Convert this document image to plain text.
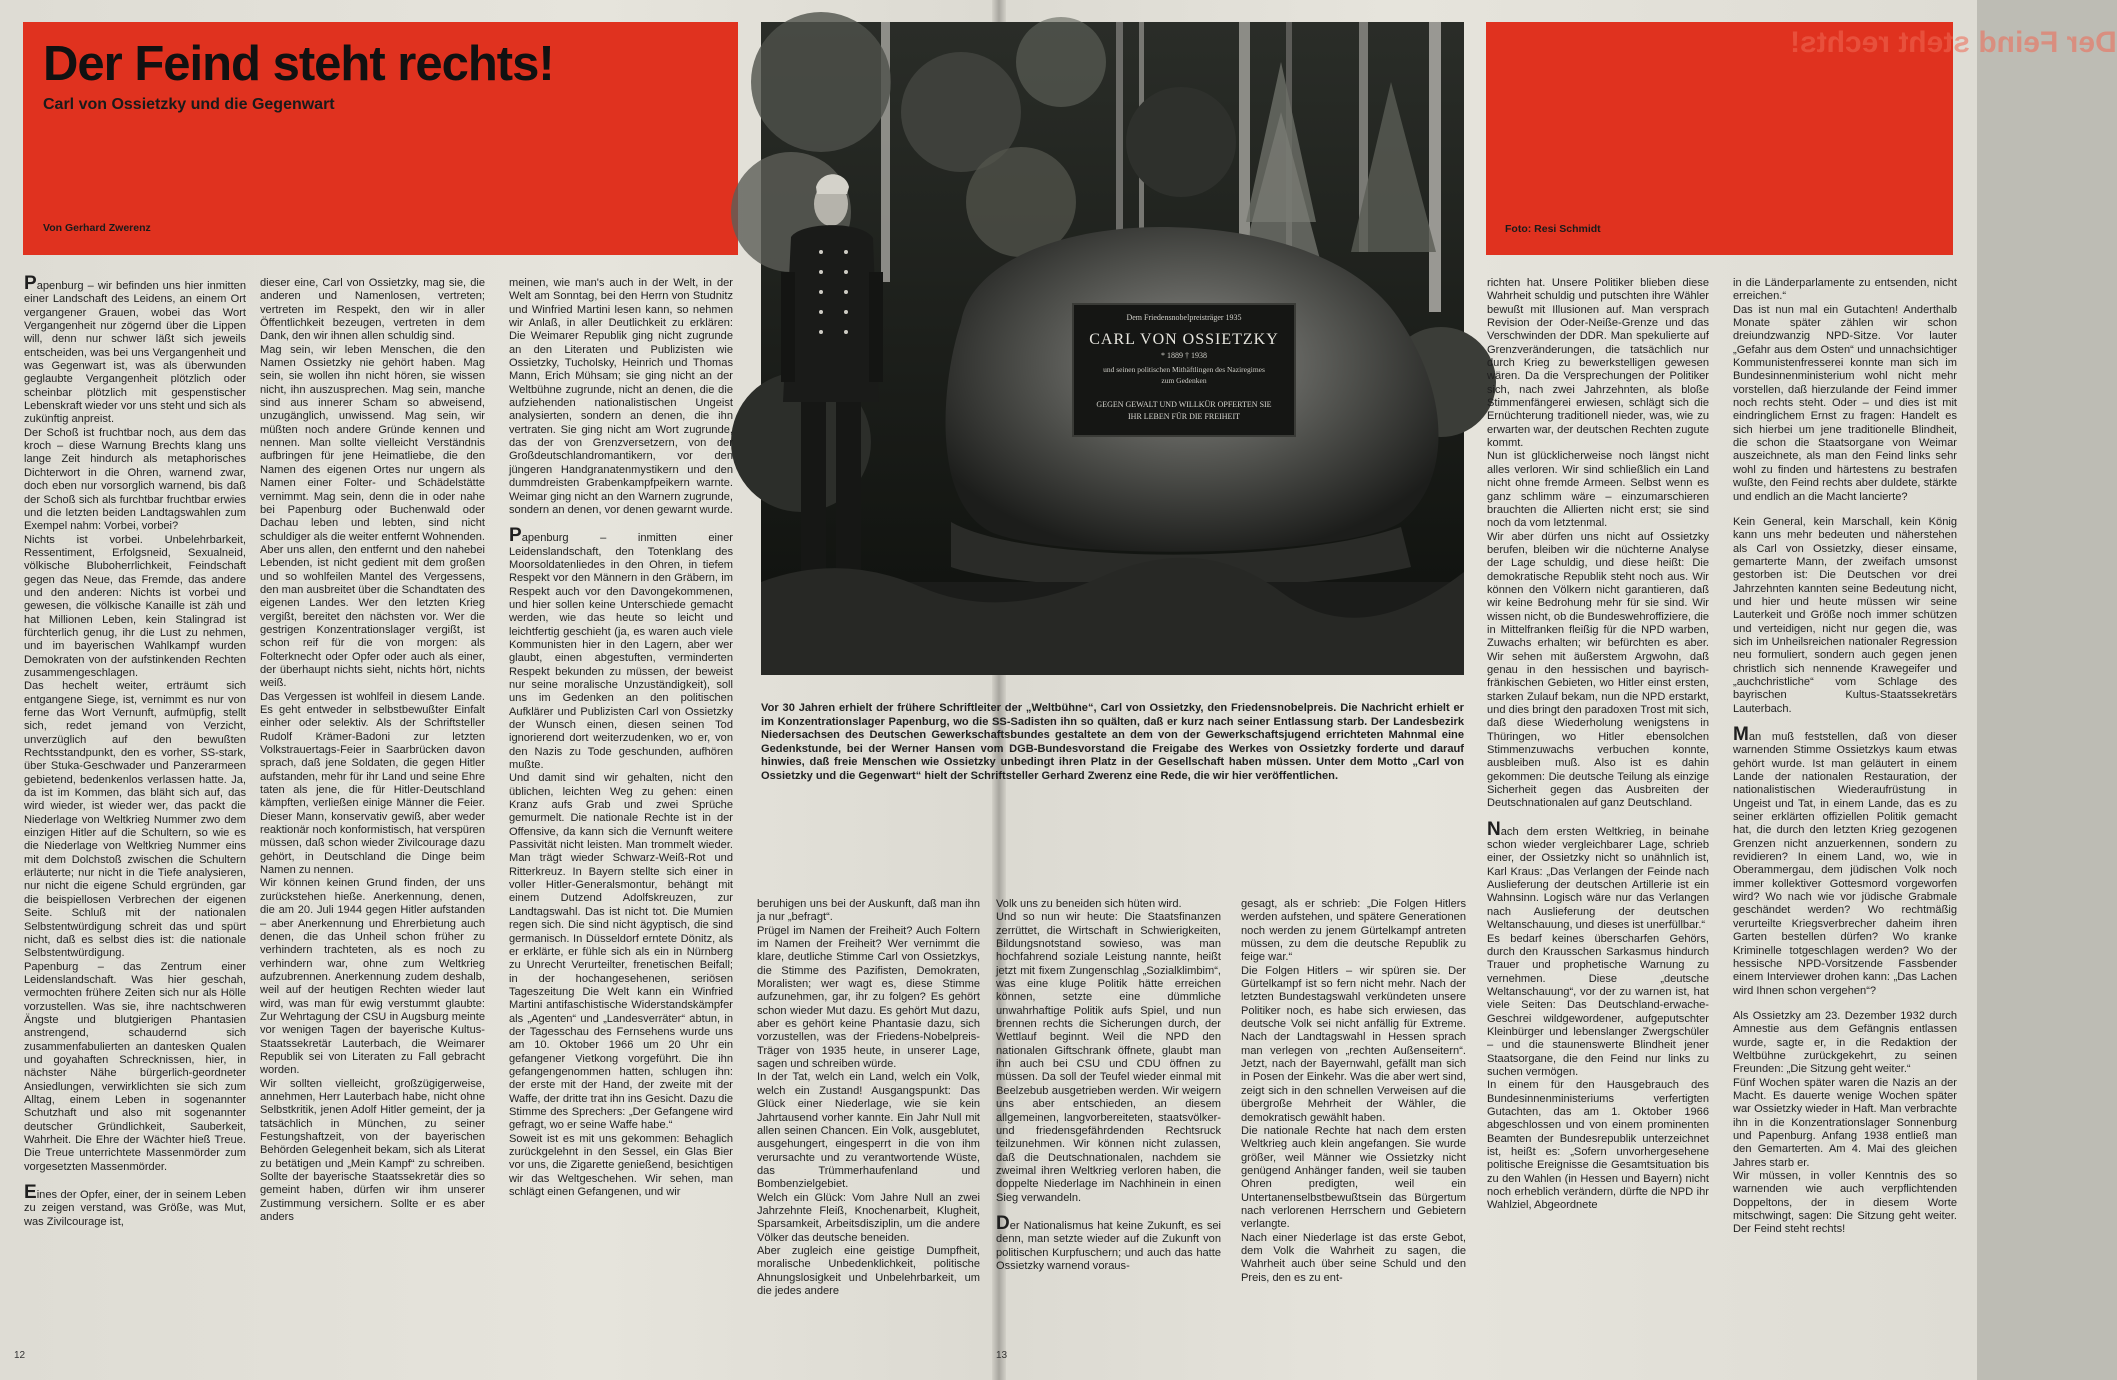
Der Feind steht rechts!
Carl von Ossietzky und die Gegenwart
Von Gerhard Zwerenz
Der Feind steht rechts!
Foto: Resi Schmidt
Dem Friedensnobelpreisträger 1935
CARL VON OSSIETZKY
* 1889 † 1938
und seinen politischen Mithäftlingen des Naziregimes
zum Gedenken
GEGEN GEWALT UND WILLKÜR OPFERTEN SIE
IHR LEBEN FÜR DIE FREIHEIT
Vor 30 Jahren erhielt der frühere Schriftleiter der „Weltbühne“, Carl von Ossietzky, den Friedensnobelpreis. Die Nachricht erhielt er im Konzentrationslager Papenburg, wo die SS-Sadisten ihn so quälten, daß er kurz nach seiner Entlassung starb. Der Landesbezirk Niedersachsen des Deutschen Gewerkschaftsbundes gestaltete an dem von der Gewerkschaftsjugend errichteten Mahnmal eine Gedenkstunde, bei der Werner Hansen vom DGB-Bundesvorstand die Freigabe des Werkes von Ossietzky forderte und darauf hinwies, daß freie Menschen wie Ossietzky unbedingt ihren Platz in der Gesellschaft haben müssen. Unter dem Motto „Carl von Ossietzky und die Gegenwart“ hielt der Schriftsteller Gerhard Zwerenz eine Rede, die wir hier veröffentlichen.

Papenburg – wir befinden uns hier inmitten einer Landschaft des Leidens, an einem Ort vergangener Grauen, wobei das Wort Vergangenheit nur zögernd über die Lippen will, denn nur schwer läßt sich jeweils entscheiden, was bei uns Vergangenheit und was Gegenwart ist, was als überwunden geglaubte Vergangenheit plötzlich oder scheinbar plötzlich mit gespenstischer Lebenskraft wieder vor uns steht und sich als zukünftig anpreist.

Der Schoß ist fruchtbar noch, aus dem das kroch – diese Warnung Brechts klang uns lange Zeit hindurch als metaphorisches Dichterwort in die Ohren, warnend zwar, doch eben nur vorsorglich warnend, bis daß der Schoß sich als furchtbar fruchtbar erwies und die letzten beiden Landtagswahlen zum Exempel nahm: Vorbei, vorbei?

Nichts ist vorbei. Unbelehrbarkeit, Ressentiment, Erfolgsneid, Sexualneid, völkische Bluboherrlichkeit, Feindschaft gegen das Neue, das Fremde, das andere und den anderen: Nichts ist vorbei und gewesen, die völkische Kanaille ist zäh und hat Millionen Leben, kein Stalingrad ist fürchterlich genug, ihr die Lust zu nehmen, und im bayerischen Wahlkampf wurden Demokraten von der aufstinkenden Rechten zusammengeschlagen.

Das hechelt weiter, erträumt sich entgangene Siege, ist, vernimmt es nur von ferne das Wort Vernunft, aufmüpfig, stellt sich, redet jemand von Verzicht, unverzüglich auf den bewußten Rechtsstandpunkt, den es vorher, SS-stark, über Stuka-Geschwader und Panzerarmeen gebietend, bedenkenlos verlassen hatte. Ja, da ist im Kommen, das bläht sich auf, das wird wieder, ist wieder wer, das packt die Niederlage von Weltkrieg Nummer zwo dem einzigen Hitler auf die Schultern, so wie es die Niederlage von Weltkrieg Nummer eins mit dem Dolchstoß zwischen die Schultern erläuterte; nur nicht in die Tiefe analysieren, nur nicht die eigene Schuld ergründen, gar die beispiellosen Verbrechen der eigenen Seite. Schluß mit der nationalen Selbstentwürdigung schreit das und spürt nicht, daß es selbst dies ist: die nationale Selbstentwürdigung.

Papenburg – das Zentrum einer Leidenslandschaft. Was hier geschah, vermochten frühere Zeiten sich nur als Hölle vorzustellen. Was sie, ihre nachtschweren Ängste und blutgierigen Phantasien anstrengend, schaudernd sich zusammenfabulierten an dantesken Qualen und goyahaften Schrecknissen, hier, in nächster Nähe bürgerlich-geordneter Ansiedlungen, verwirklichten sie sich zum Alltag, einem Leben in sogenannter Schutzhaft und also mit sogenannter deutscher Gründlichkeit, Sauberkeit, Wahrheit. Die Ehre der Wächter hieß Treue. Die Treue unterrichtete Massenmörder zum vorgesetzten Massenmörder.

Eines der Opfer, einer, der in seinem Leben zu zeigen verstand, was Größe, was Mut, was Zivilcourage ist,

dieser eine, Carl von Ossietzky, mag sie, die anderen und Namenlosen, vertreten; vertreten im Respekt, den wir in aller Öffentlichkeit bezeugen, vertreten in dem Dank, den wir ihnen allen schuldig sind.

Mag sein, wir leben Menschen, die den Namen Ossietzky nie gehört haben. Mag sein, sie wollen ihn nicht hören, sie wissen nicht, ihn auszusprechen. Mag sein, manche sind aus innerer Scham so abweisend, unzugänglich, unwissend. Mag sein, wir müßten noch andere Gründe kennen und nennen. Man sollte vielleicht Verständnis aufbringen für jene Heimatliebe, die den Namen des eigenen Ortes nur ungern als Namen einer Folter- und Schädelstätte vernimmt. Mag sein, denn die in oder nahe bei Papenburg oder Buchenwald oder Dachau leben und lebten, sind nicht schuldiger als die weiter entfernt Wohnenden. Aber uns allen, den entfernt und den nahebei Lebenden, ist nicht gedient mit dem großen und so wohlfeilen Mantel des Vergessens, den man ausbreitet über die Schandtaten des eigenen Landes. Wer den letzten Krieg vergißt, bereitet den nächsten vor. Wer die gestrigen Konzentrationslager vergißt, ist schon reif für die von morgen: als Folterknecht oder Opfer oder auch als einer, der überhaupt nichts sieht, nichts hört, nichts weiß.

Das Vergessen ist wohlfeil in diesem Lande. Es geht entweder in selbstbewußter Einfalt einher oder selektiv. Als der Schriftsteller Rudolf Krämer-Badoni zur letzten Volkstrauertags-Feier in Saarbrücken davon sprach, daß jene Soldaten, die gegen Hitler aufstanden, mehr für ihr Land und seine Ehre taten als jene, die für Hitler-Deutschland kämpften, verließen einige Männer die Feier. Dieser Mann, konservativ gewiß, aber weder reaktionär noch konformistisch, hat verspüren müssen, daß schon wieder Zivilcourage dazu gehört, in Deutschland die Dinge beim Namen zu nennen.

Wir können keinen Grund finden, der uns zurückstehen hieße. Anerkennung, denen, die am 20. Juli 1944 gegen Hitler aufstanden – aber Anerkennung und Ehrerbietung auch denen, die das Unheil schon früher zu verhindern trachteten, als es noch zu verhindern war, ohne zum Weltkrieg aufzubrennen. Anerkennung zudem deshalb, weil auf der heutigen Rechten wieder laut wird, was man für ewig verstummt glaubte: Zur Wehrtagung der CSU in Augsburg meinte vor wenigen Tagen der bayerische Kultus-Staatssekretär Lauterbach, die Weimarer Republik sei von Literaten zu Fall gebracht worden.

Wir sollten vielleicht, großzügigerweise, annehmen, Herr Lauterbach habe, nicht ohne Selbstkritik, jenen Adolf Hitler gemeint, der ja tatsächlich in München, zu seiner Festungshaftzeit, von der bayerischen Behörden Gelegenheit bekam, sich als Literat zu betätigen und „Mein Kampf“ zu schreiben. Sollte der bayerische Staatssekretär dies so gemeint haben, dürfen wir ihm unserer Zustimmung versichern. Sollte er es aber anders

meinen, wie man's auch in der Welt, in der Welt am Sonntag, bei den Herrn von Studnitz und Winfried Martini lesen kann, so nehmen wir Anlaß, in aller Deutlichkeit zu erklären: Die Weimarer Republik ging nicht zugrunde an den Literaten und Publizisten wie Ossietzky, Tucholsky, Heinrich und Thomas Mann, Erich Mühsam; sie ging nicht an der Weltbühne zugrunde, nicht an denen, die die aufziehenden nationalistischen Ungeist analysierten, sondern an denen, die ihn vertraten. Sie ging nicht am Wort zugrunde, das der von Grenzversetzern, von der Großdeutschlandromantikern, vor den jüngeren Handgranatenmystikern und den dummdreisten Grabenkampfpeikern warnte. Weimar ging nicht an den Warnern zugrunde, sondern an denen, vor denen gewarnt wurde.

Papenburg – inmitten einer Leidenslandschaft, den Totenklang des Moorsoldatenliedes in den Ohren, in tiefem Respekt vor den Männern in den Gräbern, im Respekt auch vor den Davongekommenen, und hier sollen keine Unterschiede gemacht werden, wie das heute so leicht und leichtfertig geschieht (ja, es waren auch viele Kommunisten hier in den Lagern, aber wer glaubt, einen abgestuften, verminderten Respekt bekunden zu müssen, der beweist nur seine moralische Unzuständigkeit), soll uns im Gedenken an den politischen Aufklärer und Publizisten Carl von Ossietzky der Wunsch einen, diesen seinen Tod ignorierend dort weiterzudenken, wo er, von den Nazis zu Tode geschunden, aufhören mußte.

Und damit sind wir gehalten, nicht den üblichen, leichten Weg zu gehen: einen Kranz aufs Grab und zwei Sprüche gemurmelt. Die nationale Rechte ist in der Offensive, da kann sich die Vernunft weitere Passivität nicht leisten. Man trommelt wieder. Man trägt wieder Schwarz-Weiß-Rot und Ritterkreuz. In Bayern stellte sich einer in voller Hitler-Generalsmontur, behängt mit einem Dutzend Adolfskreuzen, zur Landtagswahl. Das ist nicht tot. Die Mumien regen sich. Die sind nicht ägyptisch, die sind germanisch. In Düsseldorf erntete Dönitz, als er erklärte, er fühle sich als ein in Nürnberg zu Unrecht Verurteilter, frenetischen Beifall; in der hochangesehenen, seriösen Tageszeitung Die Welt kann ein Winfried Martini antifaschistische Widerstandskämpfer als „Agenten“ und „Landesverräter“ abtun, in der Tagesschau des Fernsehens wurde uns am 10. Oktober 1966 um 20 Uhr ein gefangener Vietkong vorgeführt. Die ihn gefangengenommen hatten, schlugen ihn: der erste mit der Hand, der zweite mit der Waffe, der dritte trat ihn ins Gesicht. Dazu die Stimme des Sprechers: „Der Gefangene wird gefragt, wo er seine Waffe habe.“

Soweit ist es mit uns gekommen: Behaglich zurückgelehnt in den Sessel, ein Glas Bier vor uns, die Zigarette genießend, besichtigen wir das Weltgeschehen. Wir sehen, man schlägt einen Gefangenen, und wir

beruhigen uns bei der Auskunft, daß man ihn ja nur „befragt“.

Prügel im Namen der Freiheit? Auch Foltern im Namen der Freiheit? Wer vernimmt die klare, deutliche Stimme Carl von Ossietzkys, die Stimme des Pazifisten, Demokraten, Moralisten; wer wagt es, diese Stimme aufzunehmen, gar, ihr zu folgen? Es gehört schon wieder Mut dazu. Es gehört Mut dazu, aber es gehört keine Phantasie dazu, sich vorzustellen, was der Friedens-Nobelpreis-Träger von 1935 heute, in unserer Lage, sagen und schreiben würde.

In der Tat, welch ein Land, welch ein Volk, welch ein Zustand! Ausgangspunkt: Das Glück einer Niederlage, wie sie kein Jahrtausend vorher kannte. Ein Jahr Null mit allen seinen Chancen. Ein Volk, ausgeblutet, ausgehungert, eingesperrt in die von ihm verursachte und zu verantwortende Wüste, das Trümmerhaufenland und Bombenzielgebiet.

Welch ein Glück: Vom Jahre Null an zwei Jahrzehnte Fleiß, Knochenarbeit, Klugheit, Sparsamkeit, Arbeitsdisziplin, um die andere Völker das deutsche beneiden.

Aber zugleich eine geistige Dumpfheit, moralische Unbedenklichkeit, politische Ahnungslosigkeit und Unbelehrbarkeit, um die jedes andere

Volk uns zu beneiden sich hüten wird.

Und so nun wir heute: Die Staatsfinanzen zerrüttet, die Wirtschaft in Schwierigkeiten, Bildungsnotstand sowieso, was man hochfahrend soziale Leistung nannte, heißt jetzt mit fixem Zungenschlag „Sozialklimbim“, was eine kluge Politik hätte erreichen können, setzte eine dümmliche unwahrhaftige Politik aufs Spiel, und nun brennen rechts die Sicherungen durch, der Wettlauf beginnt. Weil die NPD den nationalen Giftschrank öffnete, glaubt man ihn auch bei CSU und CDU öffnen zu müssen. Da soll der Teufel wieder einmal mit Beelzebub ausgetrieben werden. Wir weigern uns aber entschieden, an diesem allgemeinen, langvorbereiteten, staatsvölker- und friedensgefährdenden Rechtsruck teilzunehmen. Wir können nicht zulassen, daß die Deutschnationalen, nachdem sie zweimal ihren Weltkrieg verloren haben, die doppelte Niederlage im Nachhinein in einen Sieg verwandeln.

Der Nationalismus hat keine Zukunft, es sei denn, man setzte wieder auf die Zukunft von politischen Kurpfuschern; und auch das hatte Ossietzky warnend voraus-

gesagt, als er schrieb: „Die Folgen Hitlers werden aufstehen, und spätere Generationen noch werden zu jenem Gürtelkampf antreten müssen, zu dem die deutsche Republik zu feige war.“

Die Folgen Hitlers – wir spüren sie. Der Gürtelkampf ist so fern nicht mehr. Nach der letzten Bundestagswahl verkündeten unsere Politiker noch, es habe sich erwiesen, das deutsche Volk sei nicht anfällig für Extreme. Nach der Landtagswahl in Hessen sprach man verlegen von „rechten Außenseitern“. Jetzt, nach der Bayernwahl, gefällt man sich in Posen der Einkehr. Was die aber wert sind, zeigt sich in den schnellen Verweisen auf die übergroße Mehrheit der Wähler, die demokratisch gewählt haben.

Die nationale Rechte hat nach dem ersten Weltkrieg auch klein angefangen. Sie wurde größer, weil Männer wie Ossietzky nicht genügend Anhänger fanden, weil sie tauben Ohren predigten, weil ein Untertanenselbstbewußtsein das Bürgertum nach verlorenen Herrschern und Gebietern verlangte.

Nach einer Niederlage ist das erste Gebot, dem Volk die Wahrheit zu sagen, die Wahrheit auch über seine Schuld und den Preis, den es zu ent-

richten hat. Unsere Politiker blieben diese Wahrheit schuldig und putschten ihre Wähler bewußt mit Illusionen auf. Man versprach Revision der Oder-Neiße-Grenze und das Verschwinden der DDR. Man spekulierte auf Grenzveränderungen, die tatsächlich nur durch Krieg zu bewerkstelligen gewesen wären. Da die Versprechungen der Politiker sich, nach zwei Jahrzehnten, als bloße Stimmenfängerei erwiesen, schlägt sich die Ernüchterung traditionell nieder, was, wie zu erwarten war, der deutschen Rechten zugute kommt.

Nun ist glücklicherweise noch längst nicht alles verloren. Wir sind schließlich ein Land nicht ohne fremde Armeen. Selbst wenn es ganz schlimm wäre – einzumarschieren brauchten die Allierten nicht erst; sie sind noch da vom letztenmal.

Wir aber dürfen uns nicht auf Ossietzky berufen, bleiben wir die nüchterne Analyse der Lage schuldig, und diese heißt: Die demokratische Republik steht noch aus. Wir können den Völkern nicht garantieren, daß wir keine Bedrohung mehr für sie sind. Wir wissen nicht, ob die Bundeswehroffiziere, die in Mittelfranken fleißig für die NPD warben, Zuwachs erhalten; wir befürchten es aber. Wir sehen mit äußerstem Argwohn, daß genau in den hessischen und bayrisch-fränkischen Gebieten, wo Hitler einst ersten, starken Zulauf bekam, nun die NPD erstarkt, und dies bringt den paradoxen Trost mit sich, daß diese Wiederholung wenigstens in Thüringen, wo Hitler ebensolchen Stimmenzuwachs verbuchen konnte, ausbleiben muß. Also ist es dahin gekommen: Die deutsche Teilung als einzige Sicherheit gegen das Ausbreiten der Deutschnationalen auf ganz Deutschland.

Nach dem ersten Weltkrieg, in beinahe schon wieder vergleichbarer Lage, schrieb einer, der Ossietzky nicht so unähnlich ist, Karl Kraus: „Das Verlangen der Feinde nach Auslieferung der deutschen Artillerie ist ein Wahnsinn. Logisch wäre nur das Verlangen nach Auslieferung der deutschen Weltanschauung, und dieses ist unerfüllbar.“

Es bedarf keines überscharfen Gehörs, durch den Krausschen Sarkasmus hindurch Trauer und prophetische Warnung zu vernehmen. Diese „deutsche Weltanschauung“, vor der zu warnen ist, hat viele Seiten: Das Deutschland-erwache-Geschrei wildgewordener, aufgeputschter Kleinbürger und lebenslanger Zwergschüler – und die staunenswerte Blindheit jener Staatsorgane, die den Feind nur links zu suchen vermögen.

In einem für den Hausgebrauch des Bundesinnenministeriums verfertigten Gutachten, das am 1. Oktober 1966 abgeschlossen und von einem prominenten Beamten der Bundesrepublik unterzeichnet ist, heißt es: „Sofern unvorhergesehene politische Ereignisse die Gesamtsituation bis zu den Wahlen (in Hessen und Bayern) nicht noch erheblich verändern, dürfte die NPD ihr Wahlziel, Abgeordnete

in die Länderparlamente zu entsenden, nicht erreichen.“

Das ist nun mal ein Gutachten! Anderthalb Monate später zählen wir schon dreiundzwanzig NPD-Sitze. Vor lauter „Gefahr aus dem Osten“ und unnachsichtiger Kommunistenfresserei konnte man sich im Bundesinnenministerium wohl nicht mehr vorstellen, daß hierzulande der Feind immer noch rechts steht. Oder – und dies ist mit eindringlichem Ernst zu fragen: Handelt es sich hierbei um jene traditionelle Blindheit, die schon die Staatsorgane von Weimar auszeichnete, als man den Feind links sehr wohl zu finden und härtestens zu bestrafen wußte, den Feind rechts aber duldete, stärkte und endlich an die Macht lancierte?

Kein General, kein Marschall, kein König kann uns mehr bedeuten und näherstehen als Carl von Ossietzky, dieser einsame, gemarterte Mann, der zweifach umsonst gestorben ist: Die Deutschen vor drei Jahrzehnten kannten seine Bedeutung nicht, und hier und heute müssen wir seine Lauterkeit und Größe noch immer schützen und verteidigen, nicht nur gegen die, was sich im Unheilsreichen nationaler Regression neu formuliert, sondern auch gegen jenen christlich sich nennende Krawegeifer und „auchchristliche“ vom Schlage des bayrischen Kultus-Staatssekretärs Lauterbach.

Man muß feststellen, daß von dieser warnenden Stimme Ossietzkys kaum etwas gehört wurde. Ist man geläutert in einem Lande der nationalen Restauration, der nationalistischen Wiederaufrüstung in Ungeist und Tat, in einem Lande, das es zu seiner erklärten offiziellen Politik gemacht hat, die durch den letzten Krieg gezogenen Grenzen nicht anzuerkennen, sondern zu revidieren? In einem Land, wo, wie in Oberammergau, dem jüdischen Volk noch immer kollektiver Gottesmord vorgeworfen wird? Wo nach wie vor jüdische Grabmale geschändet werden? Wo rechtmäßig verurteilte Kriegsverbrecher daheim ihren Garten bestellen dürfen? Wo kranke Kriminelle totgeschlagen werden? Wo der hessische NPD-Vorsitzende Fassbender einem Interviewer drohen kann: „Das Lachen wird Ihnen schon vergehen“?

Als Ossietzky am 23. Dezember 1932 durch Amnestie aus dem Gefängnis entlassen wurde, sagte er, in die Redaktion der Weltbühne zurückgekehrt, zu seinen Freunden: „Die Sitzung geht weiter.“

Fünf Wochen später waren die Nazis an der Macht. Es dauerte wenige Wochen später war Ossietzky wieder in Haft. Man verbrachte ihn in die Konzentrationslager Sonnenburg und Papenburg. Anfang 1938 entließ man den Gemarterten. Am 4. Mai des gleichen Jahres starb er.

Wir müssen, in voller Kenntnis des so warnenden wie auch verpflichtenden Doppeltons, der in diesem Worte mitschwingt, sagen: Die Sitzung geht weiter. Der Feind steht rechts!

12	13
